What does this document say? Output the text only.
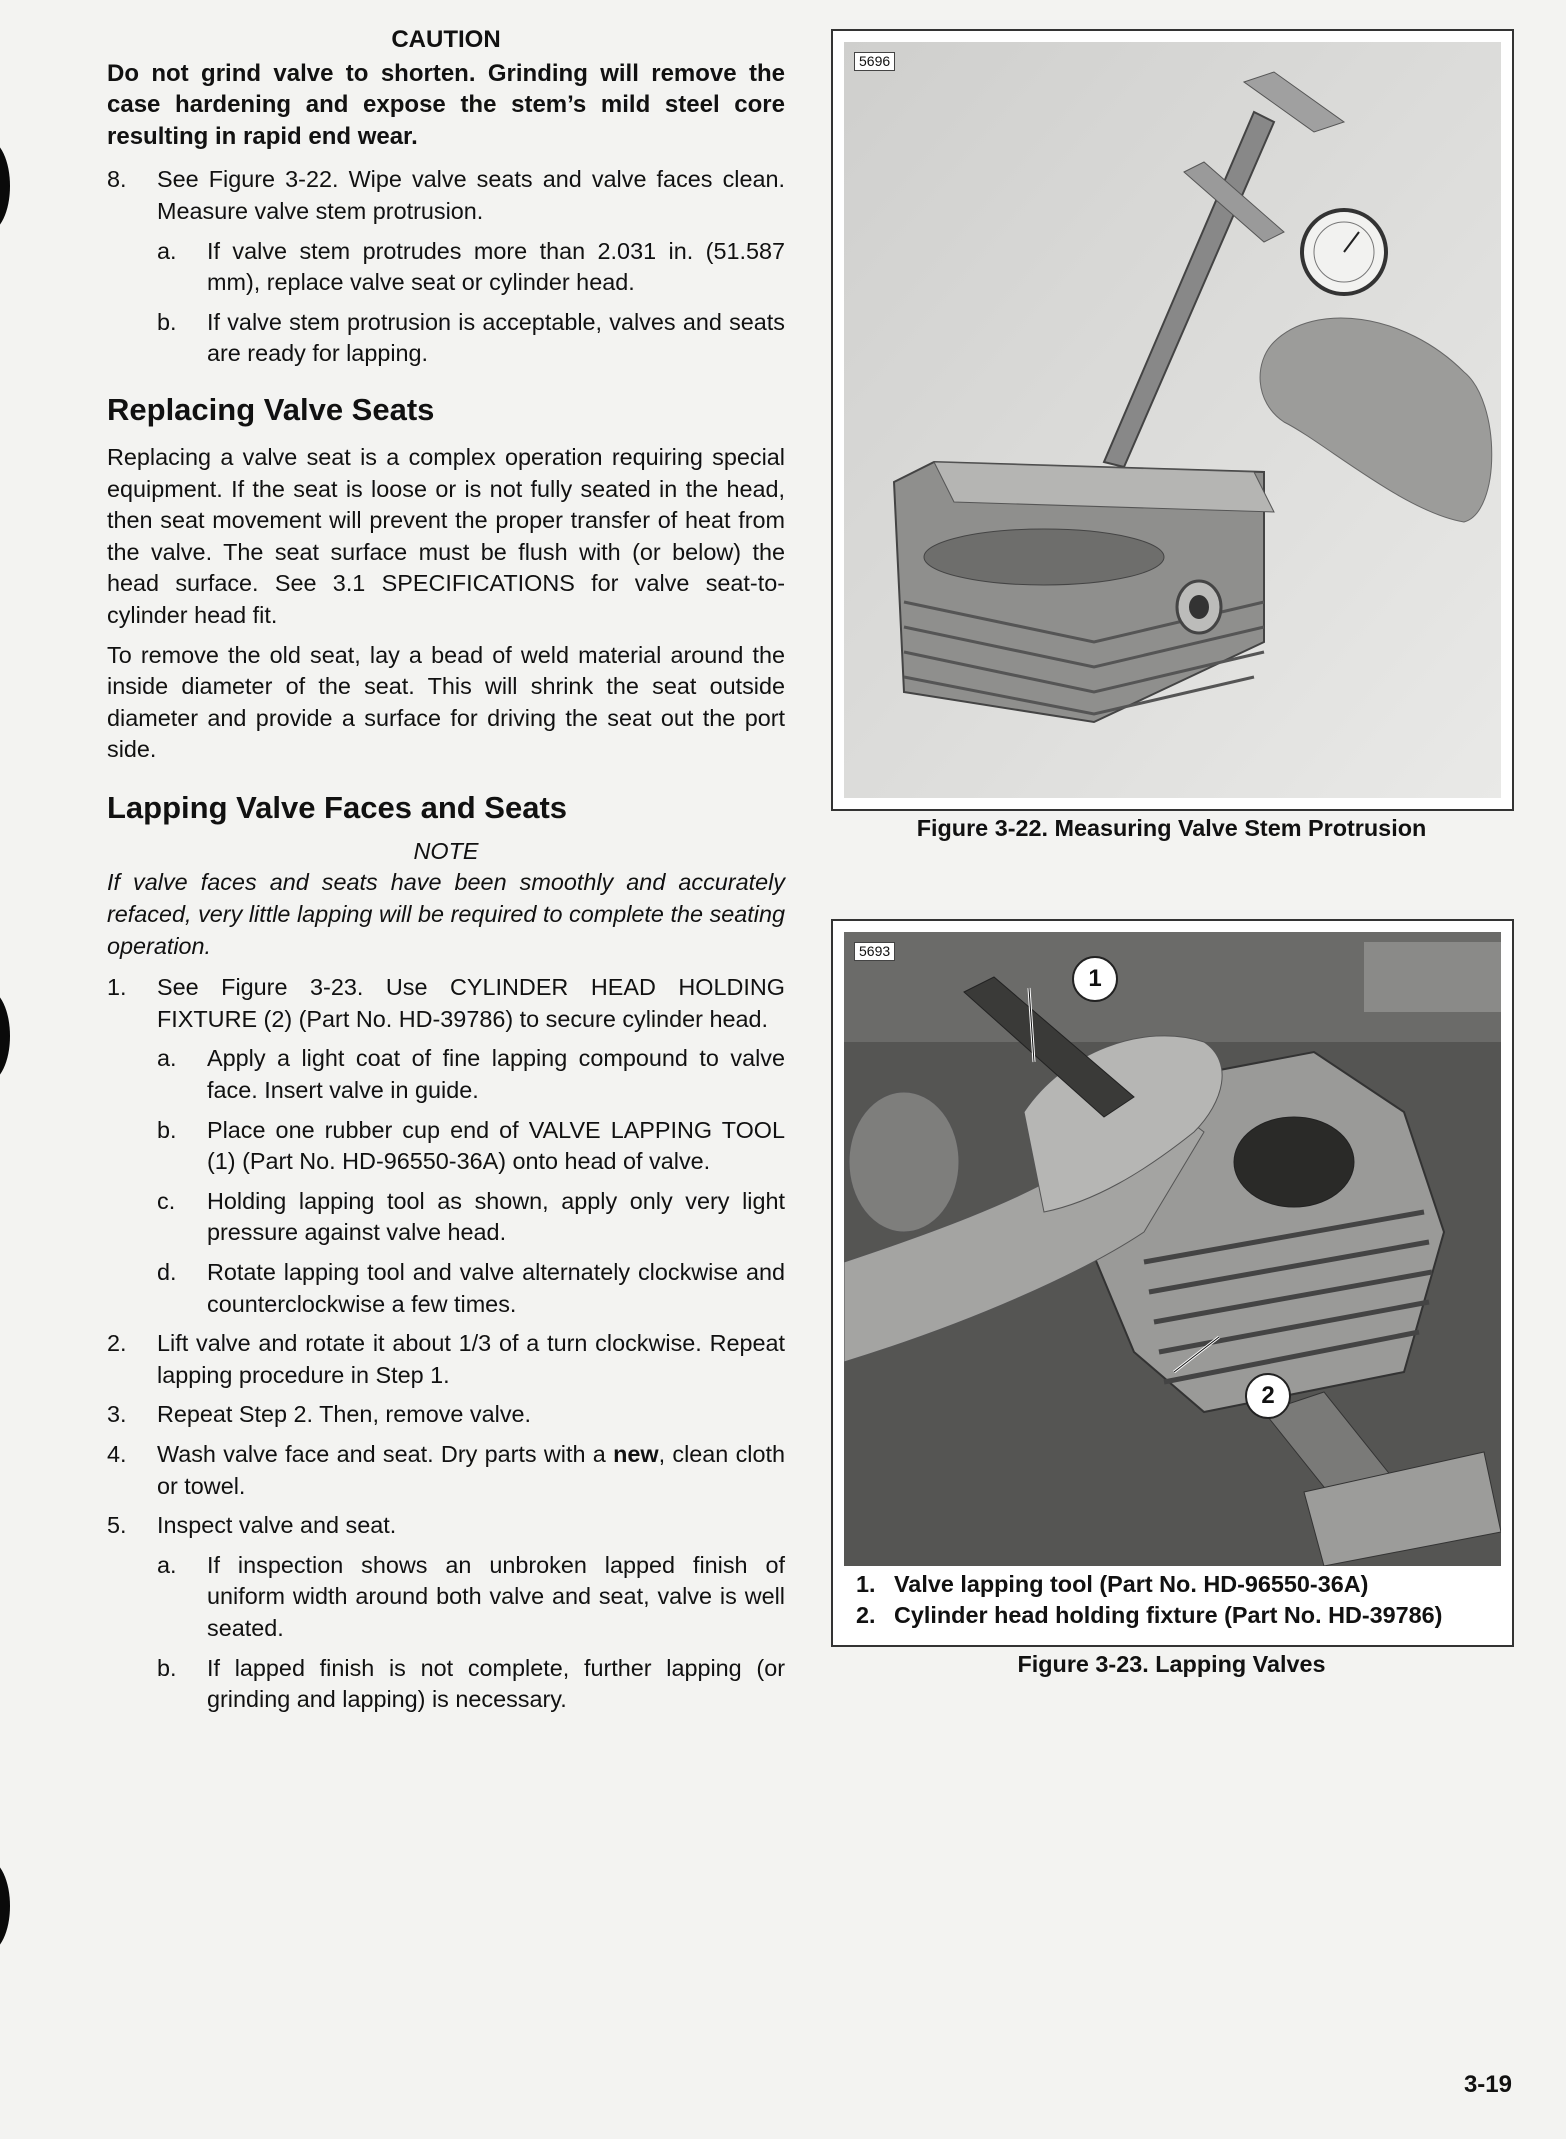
CAUTION
Do not grind valve to shorten. Grinding will remove the case hardening and expose the stem’s mild steel core resulting in rapid end wear.
8. See Figure 3-22. Wipe valve seats and valve faces clean. Measure valve stem protrusion.
a. If valve stem protrudes more than 2.031 in. (51.587 mm), replace valve seat or cylinder head.
b. If valve stem protrusion is acceptable, valves and seats are ready for lapping.
Replacing Valve Seats

Replacing a valve seat is a complex operation requiring special equipment. If the seat is loose or is not fully seated in the head, then seat movement will prevent the proper transfer of heat from the valve. The seat surface must be flush with (or below) the head surface. See 3.1 SPECIFICATIONS for valve seat-to-cylinder head fit.

To remove the old seat, lay a bead of weld material around the inside diameter of the seat. This will shrink the seat outside diameter and provide a surface for driving the seat out the port side.

Lapping Valve Faces and Seats
NOTE
If valve faces and seats have been smoothly and accurately refaced, very little lapping will be required to complete the seating operation.
1. See Figure 3-23. Use CYLINDER HEAD HOLDING FIXTURE (2) (Part No. HD-39786) to secure cylinder head.
a. Apply a light coat of fine lapping compound to valve face. Insert valve in guide.
b. Place one rubber cup end of VALVE LAPPING TOOL (1) (Part No. HD-96550-36A) onto head of valve.
c. Holding lapping tool as shown, apply only very light pressure against valve head.
d. Rotate lapping tool and valve alternately clockwise and counterclockwise a few times.
2. Lift valve and rotate it about 1/3 of a turn clockwise. Repeat lapping procedure in Step 1.
3. Repeat Step 2. Then, remove valve.
4. Wash valve face and seat. Dry parts with a new, clean cloth or towel.
5. Inspect valve and seat.
a. If inspection shows an unbroken lapped finish of uniform width around both valve and seat, valve is well seated.
b. If lapped finish is not complete, further lapping (or grinding and lapping) is necessary.
5696
Figure 3-22. Measuring Valve Stem Protrusion
5693
1
2
1. Valve lapping tool (Part No. HD-96550-36A)
2. Cylinder head holding fixture (Part No. HD-39786)
Figure 3-23. Lapping Valves
3-19
